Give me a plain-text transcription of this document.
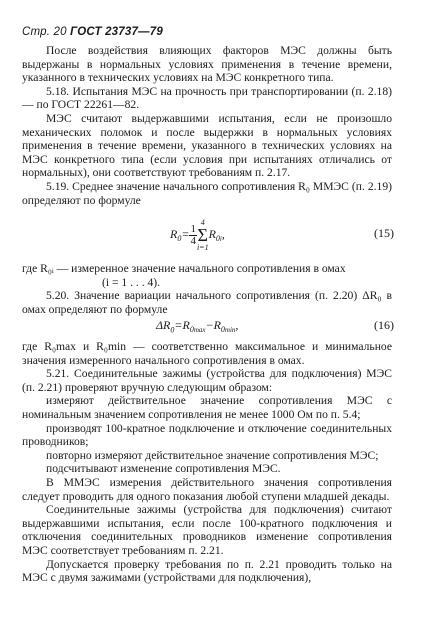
Стр. 20 ГОСТ 23737—79

После воздействия влияющих факторов МЭС должны быть выдержаны в нормальных условиях применения в течение времени, указанного в технических условиях на МЭС конкретного типа.

5.18. Испытания МЭС на прочность при транспортировании (п. 2.18) — по ГОСТ 22261—82.

МЭС считают выдержавшими испытания, если не произошло механических поломок и после выдержки в нормальных условиях применения в течение времени, указанного в технических условиях на МЭС конкретного типа (если условия при испытаниях отличались от нормальных), они соответствуют требованиям п. 2.17.

5.19. Среднее значение начального сопротивления R₀ ММЭС (п. 2.19) определяют по формуле

$R_0= \frac{1}{4}$
4
Σ
i=1
$R_{0i}$,	(15)

где R₀ᵢ — измеренное значение начального сопротивления в омах

(i = 1 . . . 4).

5.20. Значение вариации начального сопротивления (п. 2.20) ΔR₀ в омах определяют по формуле

$\Delta R_0=R_{0max}-R_{0min}$,	(16)

где R₀max и R₀min — соответственно максимальное и минимальное значения измеренного начального сопротивления в омах.

5.21. Соединительные зажимы (устройства для подключения) МЭС (п. 2.21) проверяют вручную следующим образом:

измеряют действительное значение сопротивления МЭС с номинальным значением сопротивления не менее 1000 Ом по п. 5.4;

производят 100-кратное подключение и отключение соединительных проводников;

повторно измеряют действительное значение сопротивления МЭС;

подсчитывают изменение сопротивления МЭС.

В ММЭС измерения действительного значения сопротивления следует проводить для одного показания любой ступени младшей декады.

Соединительные зажимы (устройства для подключения) считают выдержавшими испытания, если после 100-кратного подключения и отключения соединительных проводников изменение сопротивления МЭС соответствует требованиям п. 2.21.

Допускается проверку требования по п. 2.21 проводить только на МЭС с двумя зажимами (устройствами для подключения),
